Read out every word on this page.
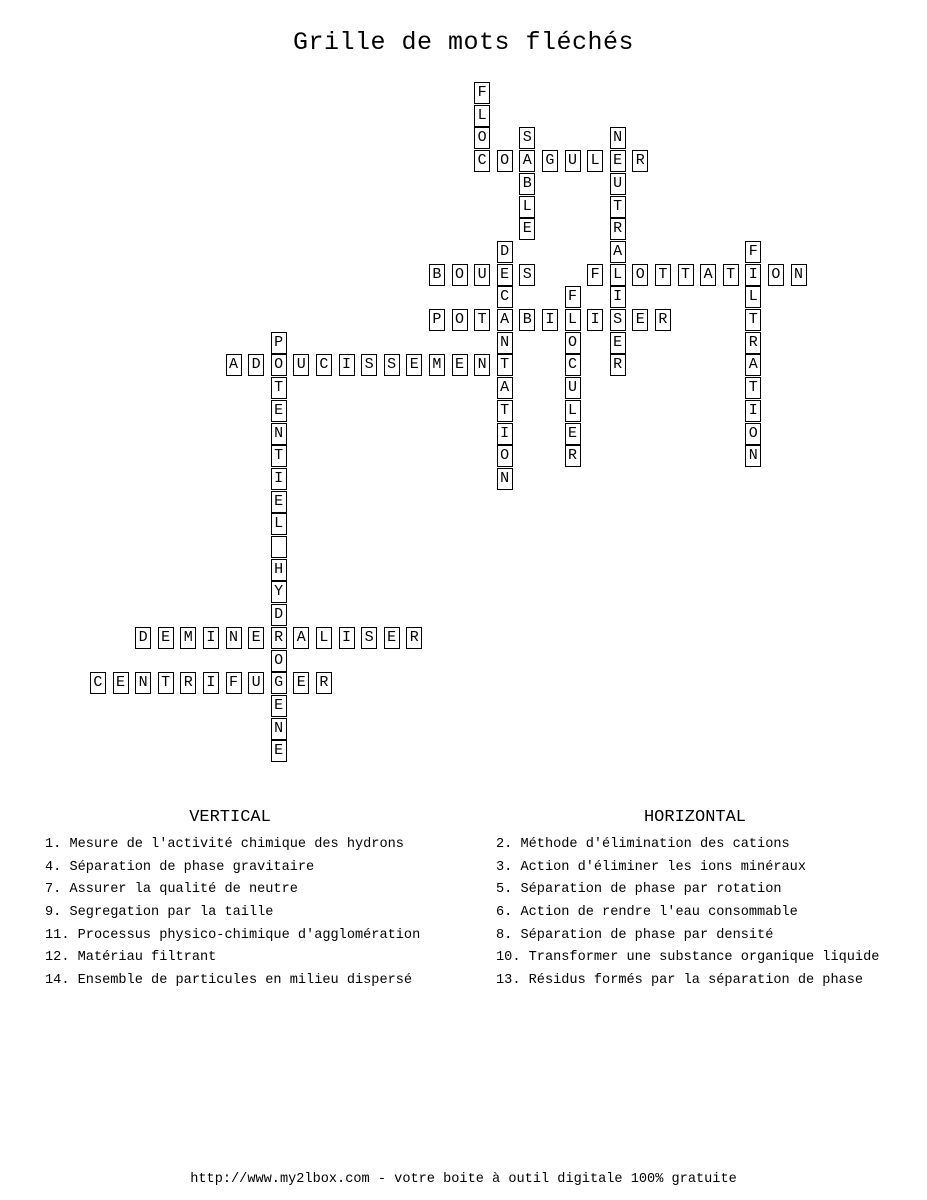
Grille de mots fléchés
F
L
O
C O A G U L E R
S
B
L
E
N
U
T
R
A
L
I
S
E
R
D
E
C
A
N
T
A
T
I
O
N
B O U S	F O T T A T I O N
F
L
T
R
A
T
I
O
N
F
L
O
C
U
L
E
R
P O T B I I E R
P
O
T
E
N
T
I
E
L
A D U C I S S E M E N
H
Y
D
R
O
G
E
N
E
D E M I N E A L I S E R
C E N T R I F U E R
VERTICAL
1. Mesure de l'activité chimique des hydrons
4. Séparation de phase gravitaire
7. Assurer la qualité de neutre
9. Segregation par la taille
11. Processus physico-chimique d'agglomération
12. Matériau filtrant
14. Ensemble de particules en milieu dispersé
HORIZONTAL
2. Méthode d'élimination des cations
3. Action d'éliminer les ions minéraux
5. Séparation de phase par rotation
6. Action de rendre l'eau consommable
8. Séparation de phase par densité
10. Transformer une substance organique liquide
13. Résidus formés par la séparation de phase
http://www.my2lbox.com - votre boite à outil digitale 100% gratuite
